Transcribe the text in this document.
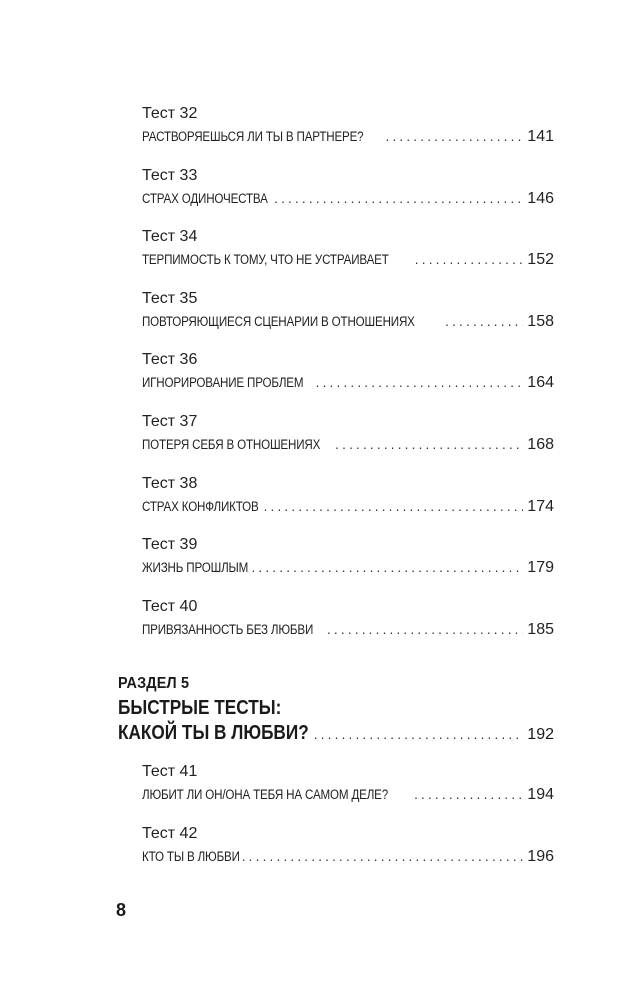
Тест 32
РАСТВОРЯЕШЬСЯ ЛИ ТЫ В ПАРТНЕРЕ? .....	141
Тест 33
СТРАХ ОДИНОЧЕСТВА .....	146
Тест 34
ТЕРПИМОСТЬ К ТОМУ, ЧТО НЕ УСТРАИВАЕТ .....	152
Тест 35
ПОВТОРЯЮЩИЕСЯ СЦЕНАРИИ В ОТНОШЕНИЯХ .....	158
Тест 36
ИГНОРИРОВАНИЕ ПРОБЛЕМ .....	164
Тест 37
ПОТЕРЯ СЕБЯ В ОТНОШЕНИЯХ .....	168
Тест 38
СТРАХ КОНФЛИКТОВ .....	174
Тест 39
ЖИЗНЬ ПРОШЛЫМ .....	179
Тест 40
ПРИВЯЗАННОСТЬ БЕЗ ЛЮБВИ .....	185
РАЗДЕЛ 5
БЫСТРЫЕ ТЕСТЫ:
КАКОЙ ТЫ В ЛЮБВИ? .....	192
Тест 41
ЛЮБИТ ЛИ ОН/ОНА ТЕБЯ НА САМОМ ДЕЛЕ? .....	194
Тест 42
КТО ТЫ В ЛЮБВИ .....	196
8
